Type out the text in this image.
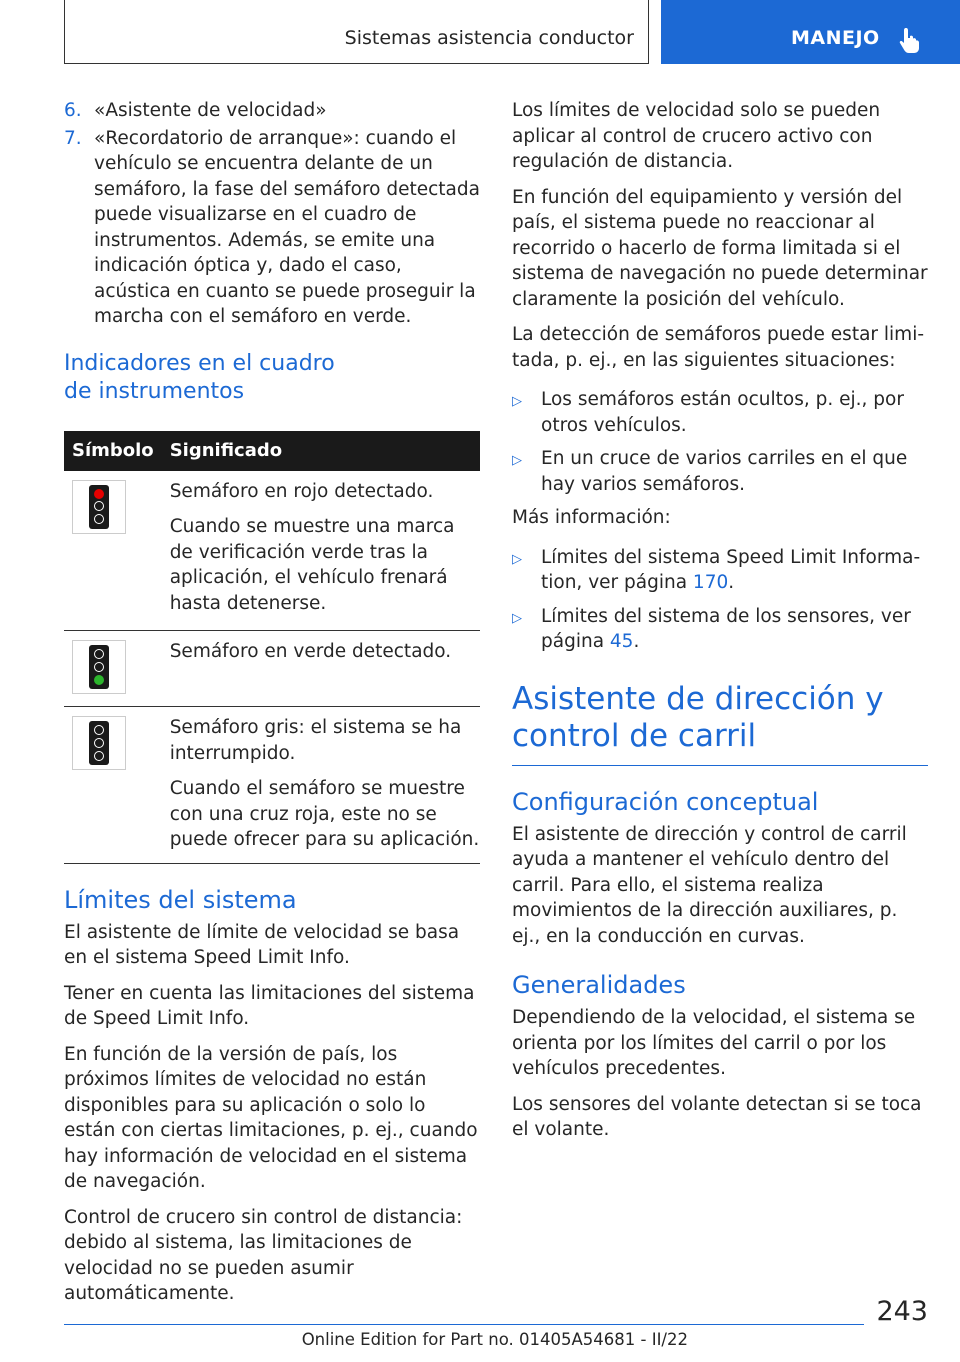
Sistemas asistencia conductor	MANEJO
6. «Asistente de velocidad»
7. «Recordatorio de arranque»: cuando el vehículo se encuentra delante de un semáforo, la fase del semáforo detectada puede visualizarse en el cuadro de instrumentos. Además, se emite una indicación óptica y, dado el caso, acústica en cuanto se puede proseguir la marcha con el semáforo en verde.
Indicadores en el cuadro de instrumentos
Símbolo	Significado

	Semáforo en rojo detectado.

Cuando se muestre una marca de verificación verde tras la aplicación, el vehículo frenará hasta detenerse.

	Semáforo en verde detectado.

	Semáforo gris: el sistema se ha interrumpido.

Cuando el semáforo se muestre con una cruz roja, este no se puede ofrecer para su aplicación.

Límites del sistema

El asistente de límite de velocidad se basa en el sistema Speed Limit Info.

Tener en cuenta las limitaciones del sistema de Speed Limit Info.

En función de la versión de país, los próximos límites de velocidad no están disponibles para su aplicación o solo lo están con ciertas limitaciones, p. ej., cuando hay información de velocidad en el sistema de navegación.

Control de crucero sin control de distancia: debido al sistema, las limitaciones de velocidad no se pueden asumir automáticamente.

Los límites de velocidad solo se pueden aplicar al control de crucero activo con regulación de distancia.

En función del equipamiento y versión del país, el sistema puede no reaccionar al recorrido o hacerlo de forma limitada si el sistema de navegación no puede determinar claramente la posición del vehículo.

La detección de semáforos puede estar limitada, p. ej., en las siguientes situaciones:

▷	Los semáforos están ocultos, p. ej., por otros vehículos.
▷	En un cruce de varios carriles en el que hay varios semáforos.

Más información:

▷	Límites del sistema Speed Limit Information, ver página 170.
▷	Límites del sistema de los sensores, ver página 45.
Asistente de dirección y control de carril
Configuración conceptual

El asistente de dirección y control de carril ayuda a mantener el vehículo dentro del carril. Para ello, el sistema realiza movimientos de la dirección auxiliares, p. ej., en la conducción en curvas.

Generalidades

Dependiendo de la velocidad, el sistema se orienta por los límites del carril o por los vehículos precedentes.

Los sensores del volante detectan si se toca el volante.

243
Online Edition for Part no. 01405A54681 - II/22
